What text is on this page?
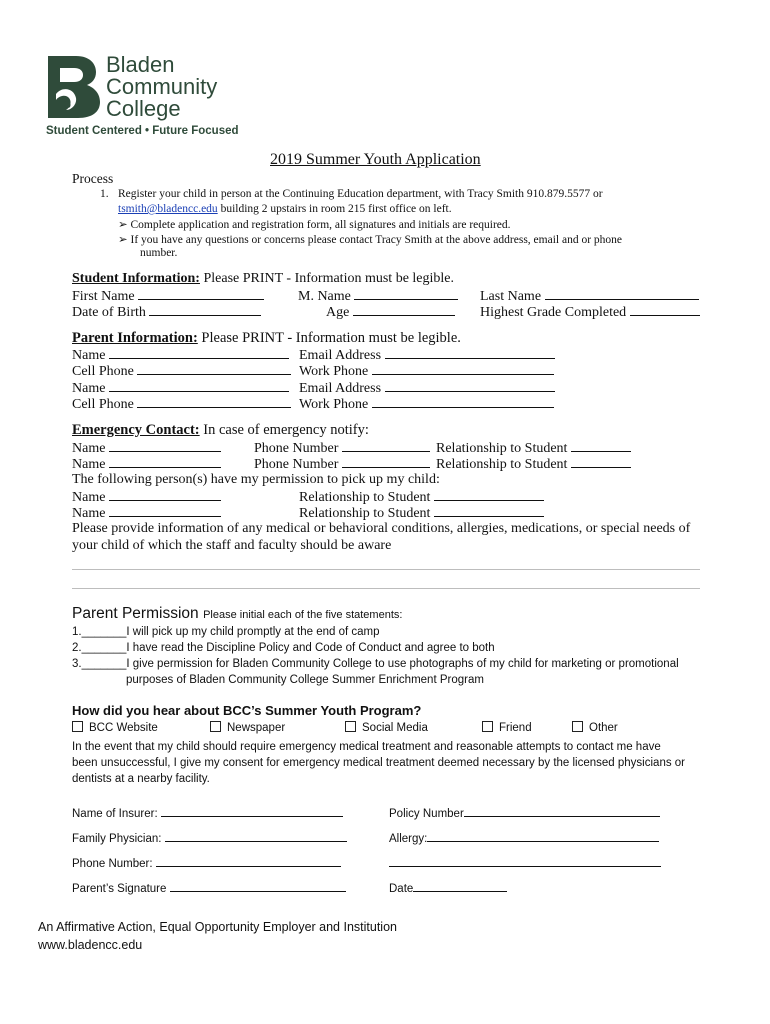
Bladen
Community
College
Student Centered • Future Focused
2019 Summer Youth Application
Process
1. Register your child in person at the Continuing Education department, with Tracy Smith 910.879.5577 or
tsmith@bladencc.edu building 2 upstairs in room 215 first office on left.
➢ Complete application and registration form, all signatures and initials are required.
➢ If you have any questions or concerns please contact Tracy Smith at the above address, email and or phone
number.
Student Information: Please PRINT - Information must be legible.
First Name	M. Name	Last Name
Date of Birth	Age	Highest Grade Completed
Parent Information: Please PRINT - Information must be legible.
Name	Email Address
Cell Phone	Work Phone
Name	Email Address
Cell Phone	Work Phone
Emergency Contact: In case of emergency notify:
Name	Phone Number	Relationship to Student
Name	Phone Number	Relationship to Student
The following person(s) have my permission to pick up my child:
Name	Relationship to Student
Name	Relationship to Student
Please provide information of any medical or behavioral conditions, allergies, medications, or special needs of
your child of which the staff and faculty should be aware
Parent Permission Please initial each of the five statements:
1._______I will pick up my child promptly at the end of camp
2._______I have read the Discipline Policy and Code of Conduct and agree to both
3._______I give permission for Bladen Community College to use photographs of my child for marketing or promotional
purposes of Bladen Community College Summer Enrichment Program
How did you hear about BCC’s Summer Youth Program?
BCC Website	Newspaper	Social Media	Friend	Other
In the event that my child should require emergency medical treatment and reasonable attempts to contact me have
been unsuccessful, I give my consent for emergency medical treatment deemed necessary by the licensed physicians or
dentists at a nearby facility.
Name of Insurer:	Policy Number
Family Physician:	Allergy:
Phone Number:
Parent’s Signature	Date
An Affirmative Action, Equal Opportunity Employer and Institution
www.bladencc.edu
